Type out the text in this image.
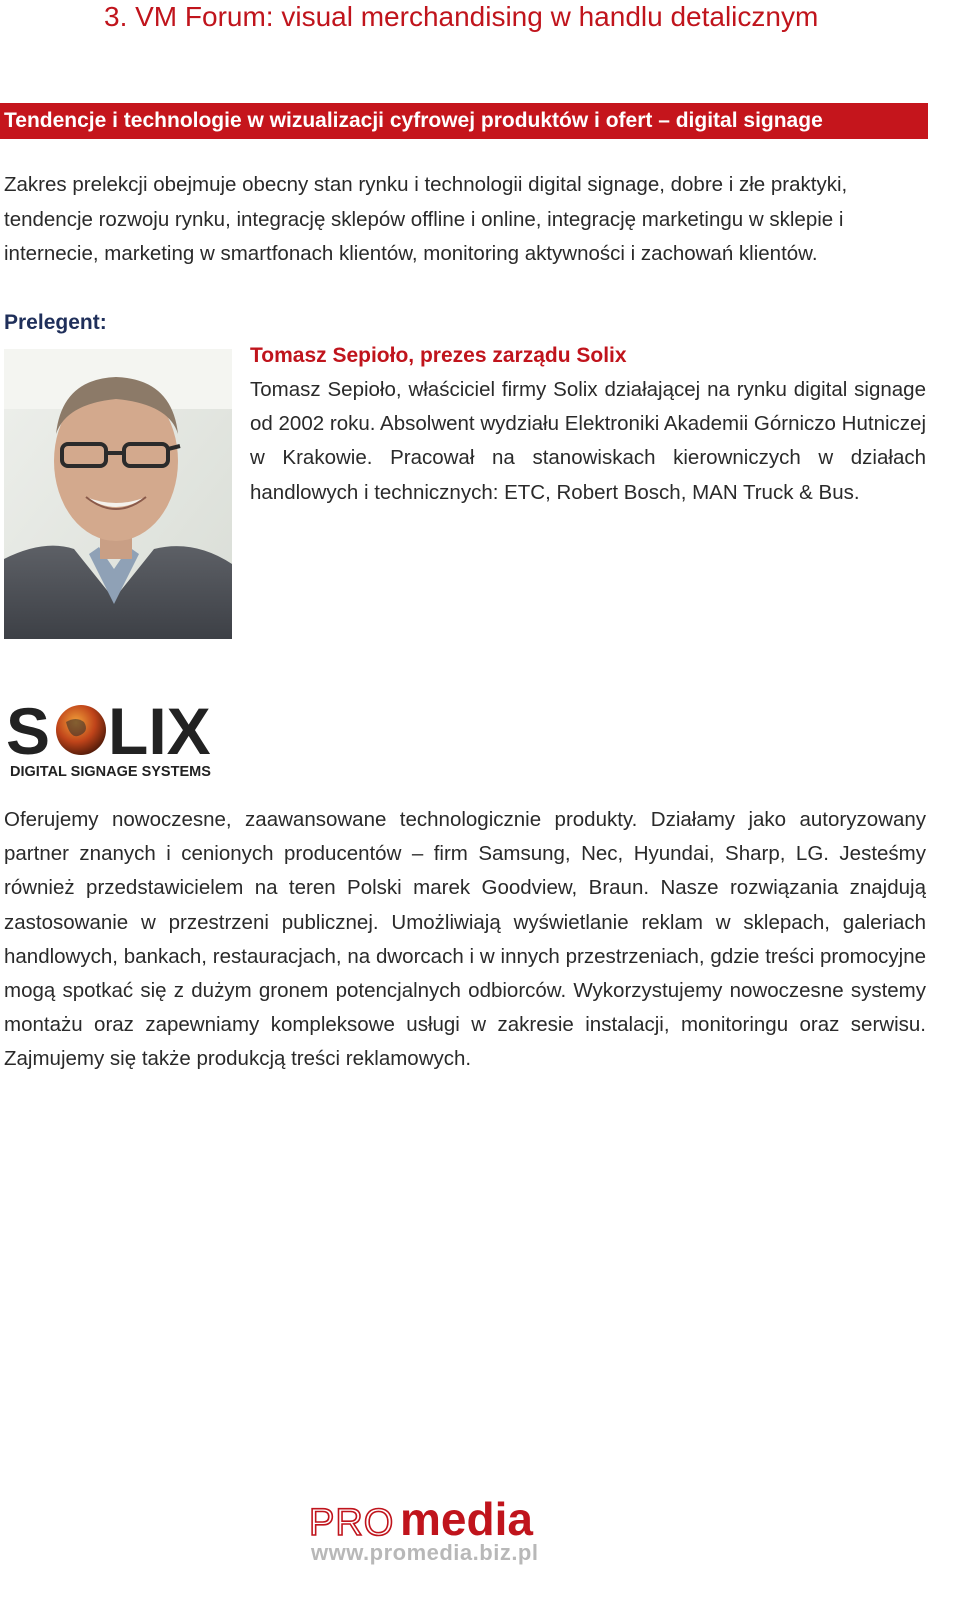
3. VM Forum: visual merchandising w handlu detalicznym
Tendencje i technologie w wizualizacji cyfrowej produktów i ofert – digital signage

Zakres prelekcji obejmuje obecny stan rynku i technologii digital signage, dobre i złe praktyki, tendencje rozwoju rynku, integrację sklepów offline i online, integrację marketingu w sklepie i internecie, marketing w smartfonach klientów, monitoring aktywności i zachowań klientów.

Prelegent:
Tomasz Sepioło, prezes zarządu Solix

Tomasz Sepioło, właściciel firmy Solix działającej na rynku digital signage od 2002 roku. Absolwent wydziału Elektroniki Akademii Górniczo Hutniczej w Krakowie. Pracował na stanowiskach kierowniczych w działach handlowych i technicznych: ETC, Robert Bosch, MAN Truck & Bus.

S LIX
DIGITAL SIGNAGE SYSTEMS

Oferujemy nowoczesne, zaawansowane technologicznie produkty. Działamy jako autoryzowany partner znanych i cenionych producentów – firm Samsung, Nec, Hyundai, Sharp, LG. Jesteśmy również przedstawicielem na teren Polski marek Goodview, Braun. Nasze rozwiązania znajdują zastosowanie w przestrzeni publicznej. Umożliwiają wyświetlanie reklam w sklepach, galeriach handlowych, bankach, restauracjach, na dworcach i w innych przestrzeniach, gdzie treści promocyjne mogą spotkać się z dużym gronem potencjalnych odbiorców. Wykorzystujemy nowoczesne systemy montażu oraz zapewniamy kompleksowe usługi w zakresie instalacji, monitoringu oraz serwisu. Zajmujemy się także produkcją treści reklamowych.

PRO media
www.promedia.biz.pl
